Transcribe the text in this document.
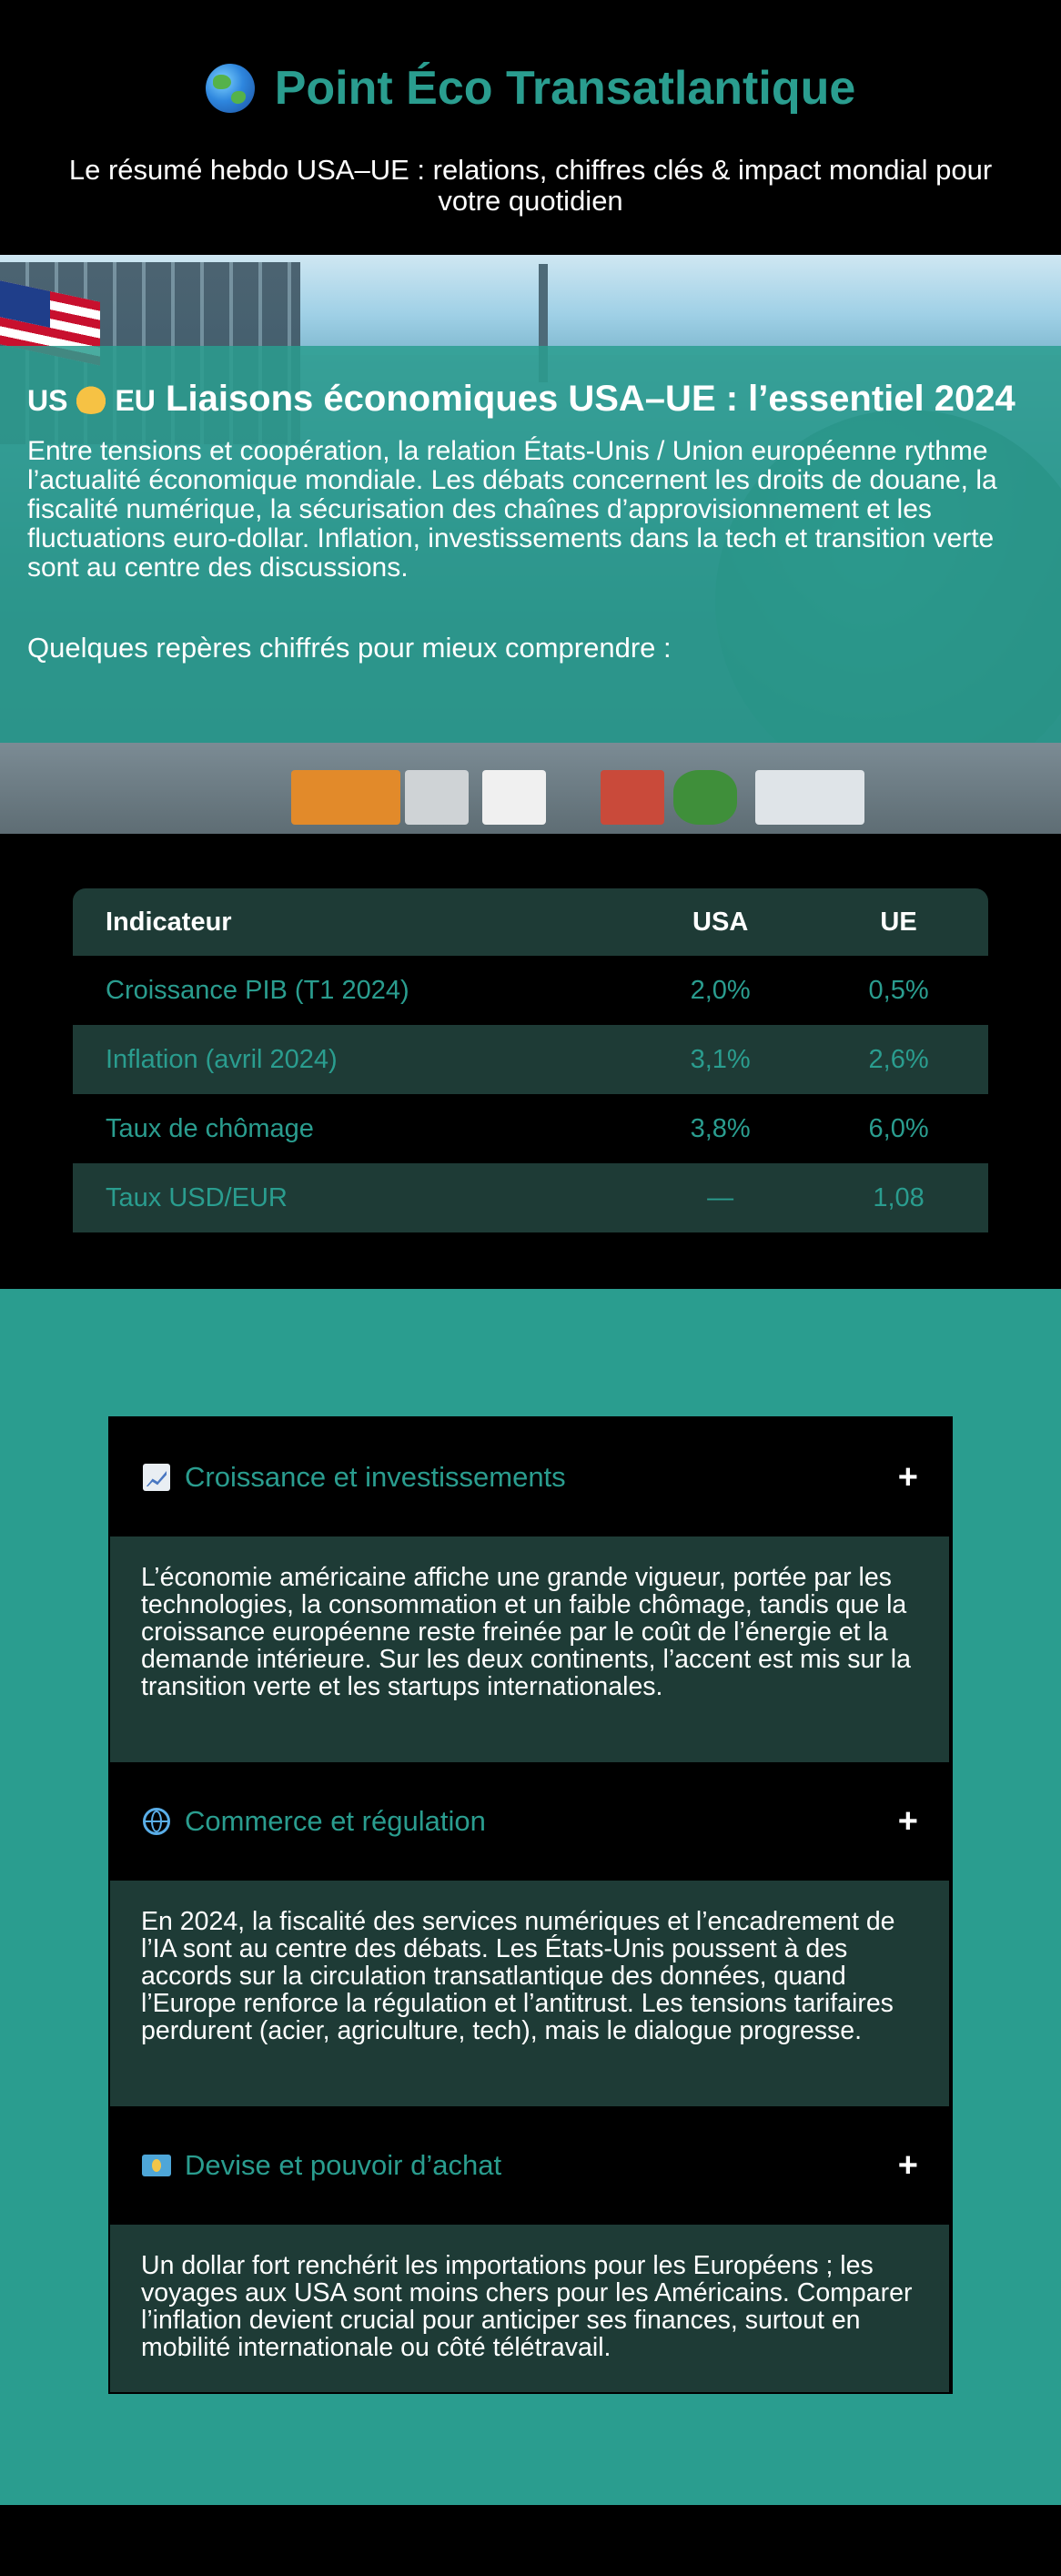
Point Éco Transatlantique

Le résumé hebdo USA–UE : relations, chiffres clés & impact mondial pour votre quotidien

US EU Liaisons économiques USA–UE : l’essentiel 2024

Entre tensions et coopération, la relation États-Unis / Union européenne rythme l’actualité économique mondiale. Les débats concernent les droits de douane, la fiscalité numérique, la sécurisation des chaînes d’approvisionnement et les fluctuations euro-dollar. Inflation, investissements dans la tech et transition verte sont au centre des discussions.

Quelques repères chiffrés pour mieux comprendre :

Indicateur	USA	UE
Croissance PIB (T1 2024)	2,0%	0,5%
Inflation (avril 2024)	3,1%	2,6%
Taux de chômage	3,8%	6,0%
Taux USD/EUR	—	1,08
Croissance et investissements	+
L’économie américaine affiche une grande vigueur, portée par les technologies, la consommation et un faible chômage, tandis que la croissance européenne reste freinée par le coût de l’énergie et la demande intérieure. Sur les deux continents, l’accent est mis sur la transition verte et les startups internationales.
Commerce et régulation	+
En 2024, la fiscalité des services numériques et l’encadrement de l’IA sont au centre des débats. Les États-Unis poussent à des accords sur la circulation transatlantique des données, quand l’Europe renforce la régulation et l’antitrust. Les tensions tarifaires perdurent (acier, agriculture, tech), mais le dialogue progresse.
Devise et pouvoir d’achat	+
Un dollar fort renchérit les importations pour les Européens ; les voyages aux USA sont moins chers pour les Américains. Comparer l’inflation devient crucial pour anticiper ses finances, surtout en mobilité internationale ou côté télétravail.
